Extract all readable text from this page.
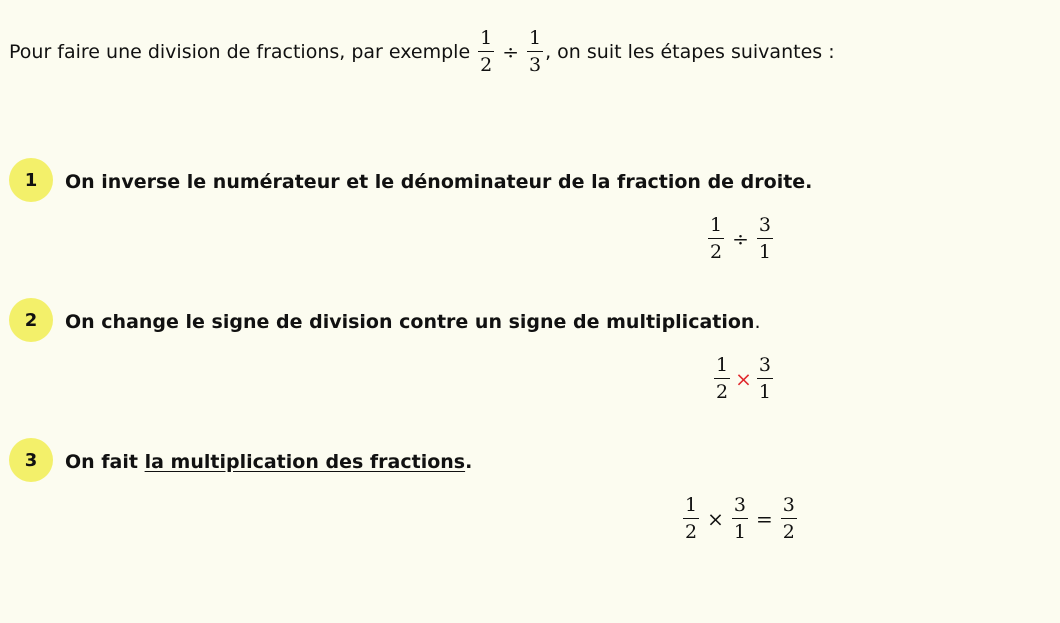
Pour faire une division de fractions, par exemple $\frac{1}{2} \div \frac{1}{3}$ , on suit les étapes suivantes :
1	On inverse le numérateur et le dénominateur de la fraction de droite.
$\frac{1}{2} \div \frac{3}{1}$
2	On change le signe de division contre un signe de multiplication.
$\frac{1}{2} \times \frac{3}{1}$
3	On fait la multiplication des fractions.
$\frac{1}{2} \times \frac{3}{1} = \frac{3}{2}$
